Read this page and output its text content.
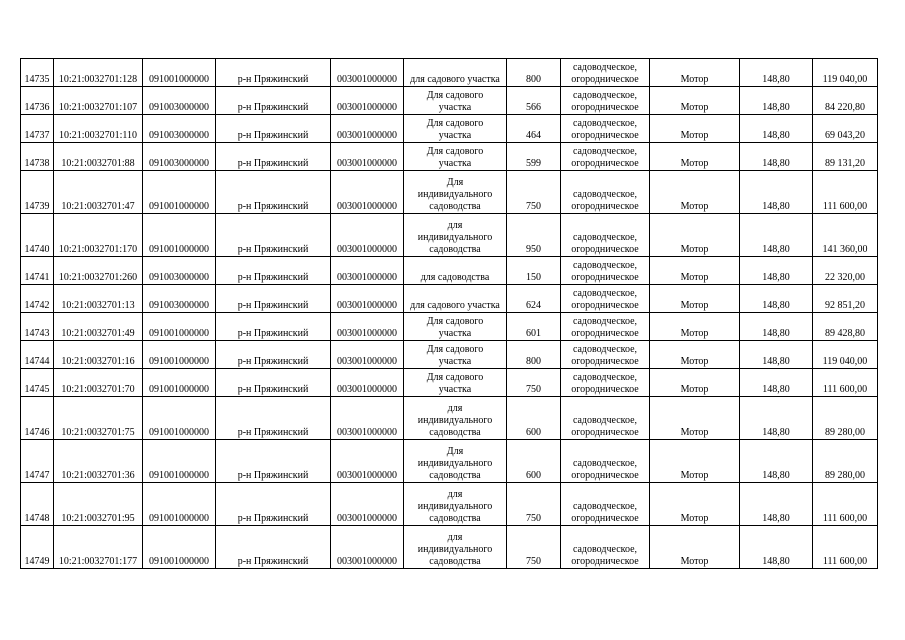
14735	10:21:0032701:128	091001000000	р-н Пряжинский	003001000000	для садового участка	800	садоводческое,
огородническое	Мотор	148,80	119 040,00
14736	10:21:0032701:107	091003000000	р-н Пряжинский	003001000000	Для садового
участка	566	садоводческое,
огородническое	Мотор	148,80	84 220,80
14737	10:21:0032701:110	091003000000	р-н Пряжинский	003001000000	Для садового
участка	464	садоводческое,
огородническое	Мотор	148,80	69 043,20
14738	10:21:0032701:88	091003000000	р-н Пряжинский	003001000000	Для садового
участка	599	садоводческое,
огородническое	Мотор	148,80	89 131,20
14739	10:21:0032701:47	091001000000	р-н Пряжинский	003001000000	Для
индивидуального
садоводства	750	садоводческое,
огородническое	Мотор	148,80	111 600,00
14740	10:21:0032701:170	091001000000	р-н Пряжинский	003001000000	для
индивидуального
садоводства	950	садоводческое,
огородническое	Мотор	148,80	141 360,00
14741	10:21:0032701:260	091003000000	р-н Пряжинский	003001000000	для садоводства	150	садоводческое,
огородническое	Мотор	148,80	22 320,00
14742	10:21:0032701:13	091003000000	р-н Пряжинский	003001000000	для садового участка	624	садоводческое,
огородническое	Мотор	148,80	92 851,20
14743	10:21:0032701:49	091001000000	р-н Пряжинский	003001000000	Для садового
участка	601	садоводческое,
огородническое	Мотор	148,80	89 428,80
14744	10:21:0032701:16	091001000000	р-н Пряжинский	003001000000	Для садового
участка	800	садоводческое,
огородническое	Мотор	148,80	119 040,00
14745	10:21:0032701:70	091001000000	р-н Пряжинский	003001000000	Для садового
участка	750	садоводческое,
огородническое	Мотор	148,80	111 600,00
14746	10:21:0032701:75	091001000000	р-н Пряжинский	003001000000	для
индивидуального
садоводства	600	садоводческое,
огородническое	Мотор	148,80	89 280,00
14747	10:21:0032701:36	091001000000	р-н Пряжинский	003001000000	Для
индивидуального
садоводства	600	садоводческое,
огородническое	Мотор	148,80	89 280,00
14748	10:21:0032701:95	091001000000	р-н Пряжинский	003001000000	для
индивидуального
садоводства	750	садоводческое,
огородническое	Мотор	148,80	111 600,00
14749	10:21:0032701:177	091001000000	р-н Пряжинский	003001000000	для
индивидуального
садоводства	750	садоводческое,
огородническое	Мотор	148,80	111 600,00
